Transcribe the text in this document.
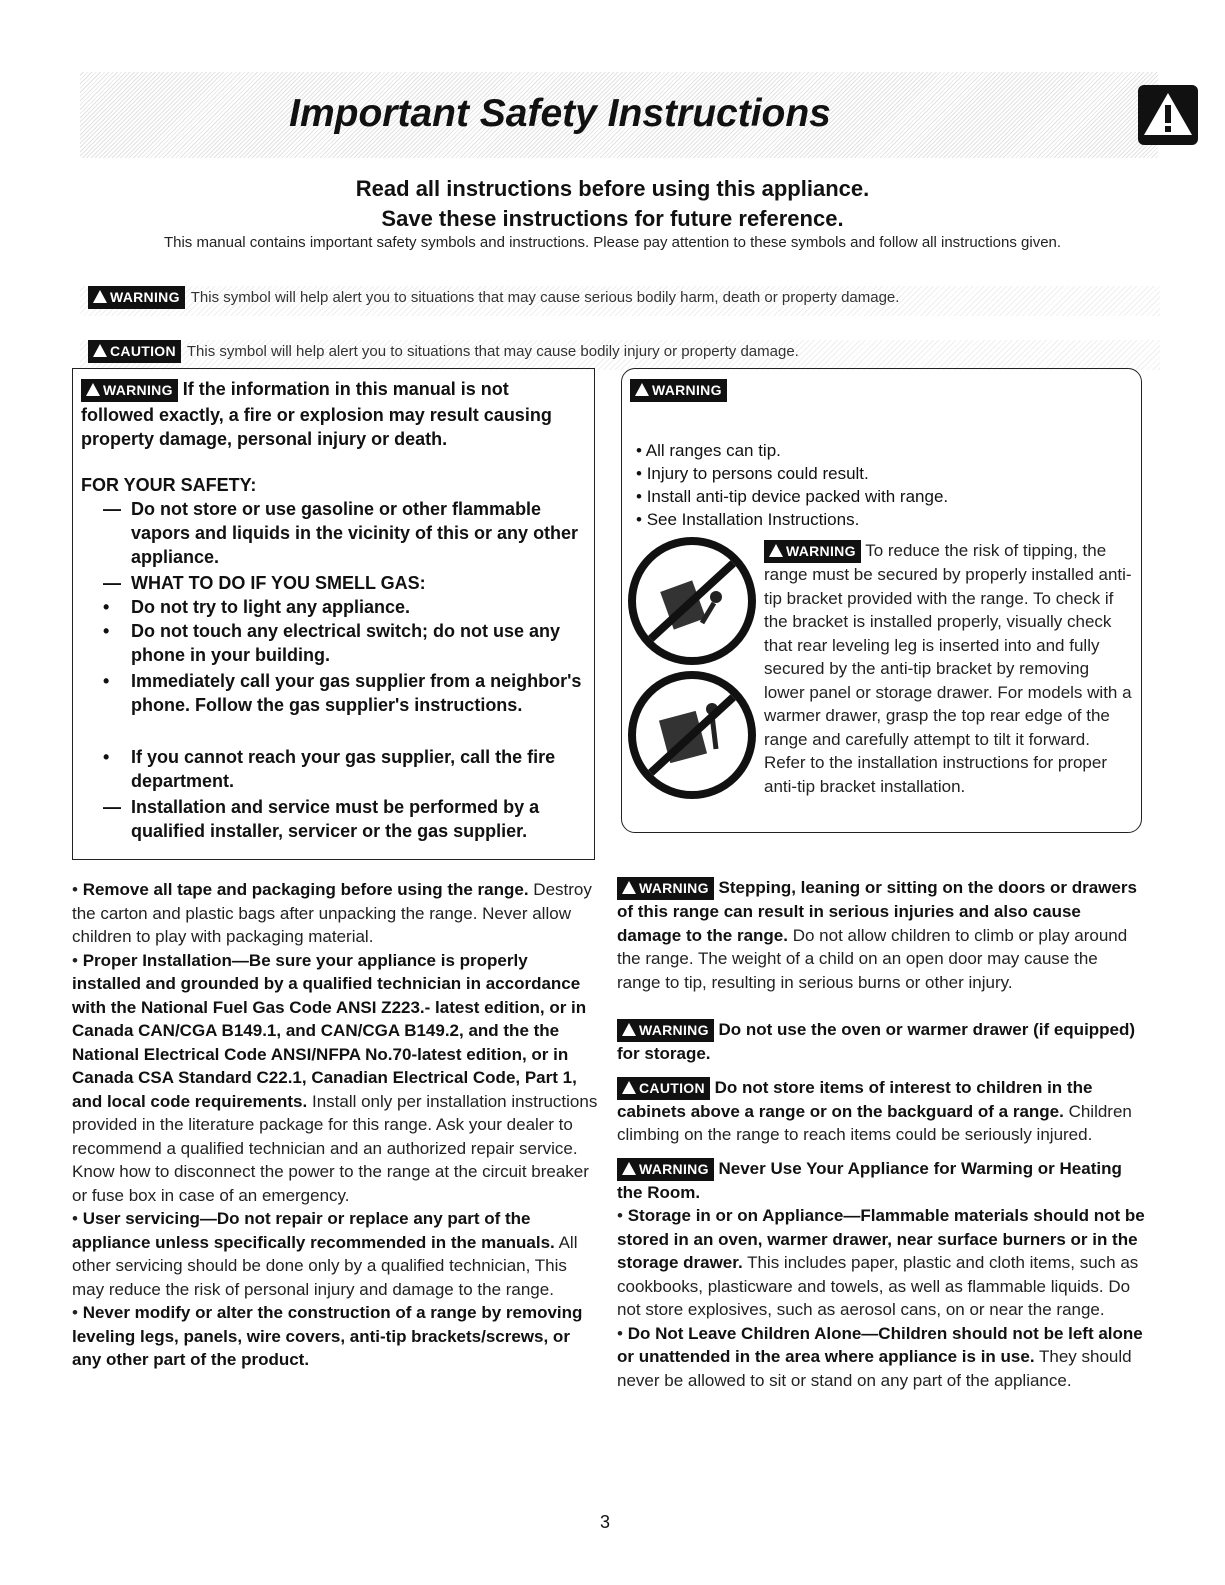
Important Safety Instructions
Read all instructions before using this appliance.
Save these instructions for future reference.
This manual contains important safety symbols and instructions. Please pay attention to these symbols and follow all instructions given.
WARNING This symbol will help alert you to situations that may cause serious bodily harm, death or property damage.
CAUTION This symbol will help alert you to situations that may cause bodily injury or property damage.
WARNING If the information in this manual is not
followed exactly, a fire or explosion may result causing
property damage, personal injury or death.
FOR YOUR SAFETY:
— Do not store or use gasoline or other flammable vapors and liquids in the vicinity of this or any other appliance.
— WHAT TO DO IF YOU SMELL GAS:
• Do not try to light any appliance.
• Do not touch any electrical switch; do not use any phone in your building.
• Immediately call your gas supplier from a neighbor's phone. Follow the gas supplier's instructions.
• If you cannot reach your gas supplier, call the fire department.
— Installation and service must be performed by a qualified installer, servicer or the gas supplier.
WARNING
• All ranges can tip.
• Injury to persons could result.
• Install anti-tip device packed with range.
• See Installation Instructions.
WARNING To reduce the risk of tipping, the range must be secured by properly installed anti-tip bracket provided with the range. To check if the bracket is installed properly, visually check that rear leveling leg is inserted into and fully secured by the anti-tip bracket by removing lower panel or storage drawer. For models with a warmer drawer, grasp the top rear edge of the range and carefully attempt to tilt it forward. Refer to the installation instructions for proper anti-tip bracket installation.
• Remove all tape and packaging before using the range. Destroy the carton and plastic bags after unpacking the range. Never allow children to play with packaging material.
• Proper Installation—Be sure your appliance is properly installed and grounded by a qualified technician in accordance with the National Fuel Gas Code ANSI Z223.- latest edition, or in Canada CAN/CGA B149.1, and CAN/CGA B149.2, and the the National Electrical Code ANSI/NFPA No.70-latest edition, or in Canada CSA Standard C22.1, Canadian Electrical Code, Part 1, and local code requirements. Install only per installation instructions provided in the literature package for this range. Ask your dealer to recommend a qualified technician and an authorized repair service. Know how to disconnect the power to the range at the circuit breaker or fuse box in case of an emergency.
• User servicing—Do not repair or replace any part of the appliance unless specifically recommended in the manuals. All other servicing should be done only by a qualified technician, This may reduce the risk of personal injury and damage to the range.
• Never modify or alter the construction of a range by removing leveling legs, panels, wire covers, anti-tip brackets/screws, or any other part of the product.
WARNING Stepping, leaning or sitting on the doors or drawers of this range can result in serious injuries and also cause damage to the range. Do not allow children to climb or play around the range. The weight of a child on an open door may cause the range to tip, resulting in serious burns or other injury.
WARNING Do not use the oven or warmer drawer (if equipped) for storage.
CAUTION Do not store items of interest to children in the cabinets above a range or on the backguard of a range. Children climbing on the range to reach items could be seriously injured.
WARNING Never Use Your Appliance for Warming or Heating the Room.
• Storage in or on Appliance—Flammable materials should not be stored in an oven, warmer drawer, near surface burners or in the storage drawer. This includes paper, plastic and cloth items, such as cookbooks, plasticware and towels, as well as flammable liquids. Do not store explosives, such as aerosol cans, on or near the range.
• Do Not Leave Children Alone—Children should not be left alone or unattended in the area where appliance is in use. They should never be allowed to sit or stand on any part of the appliance.
3
